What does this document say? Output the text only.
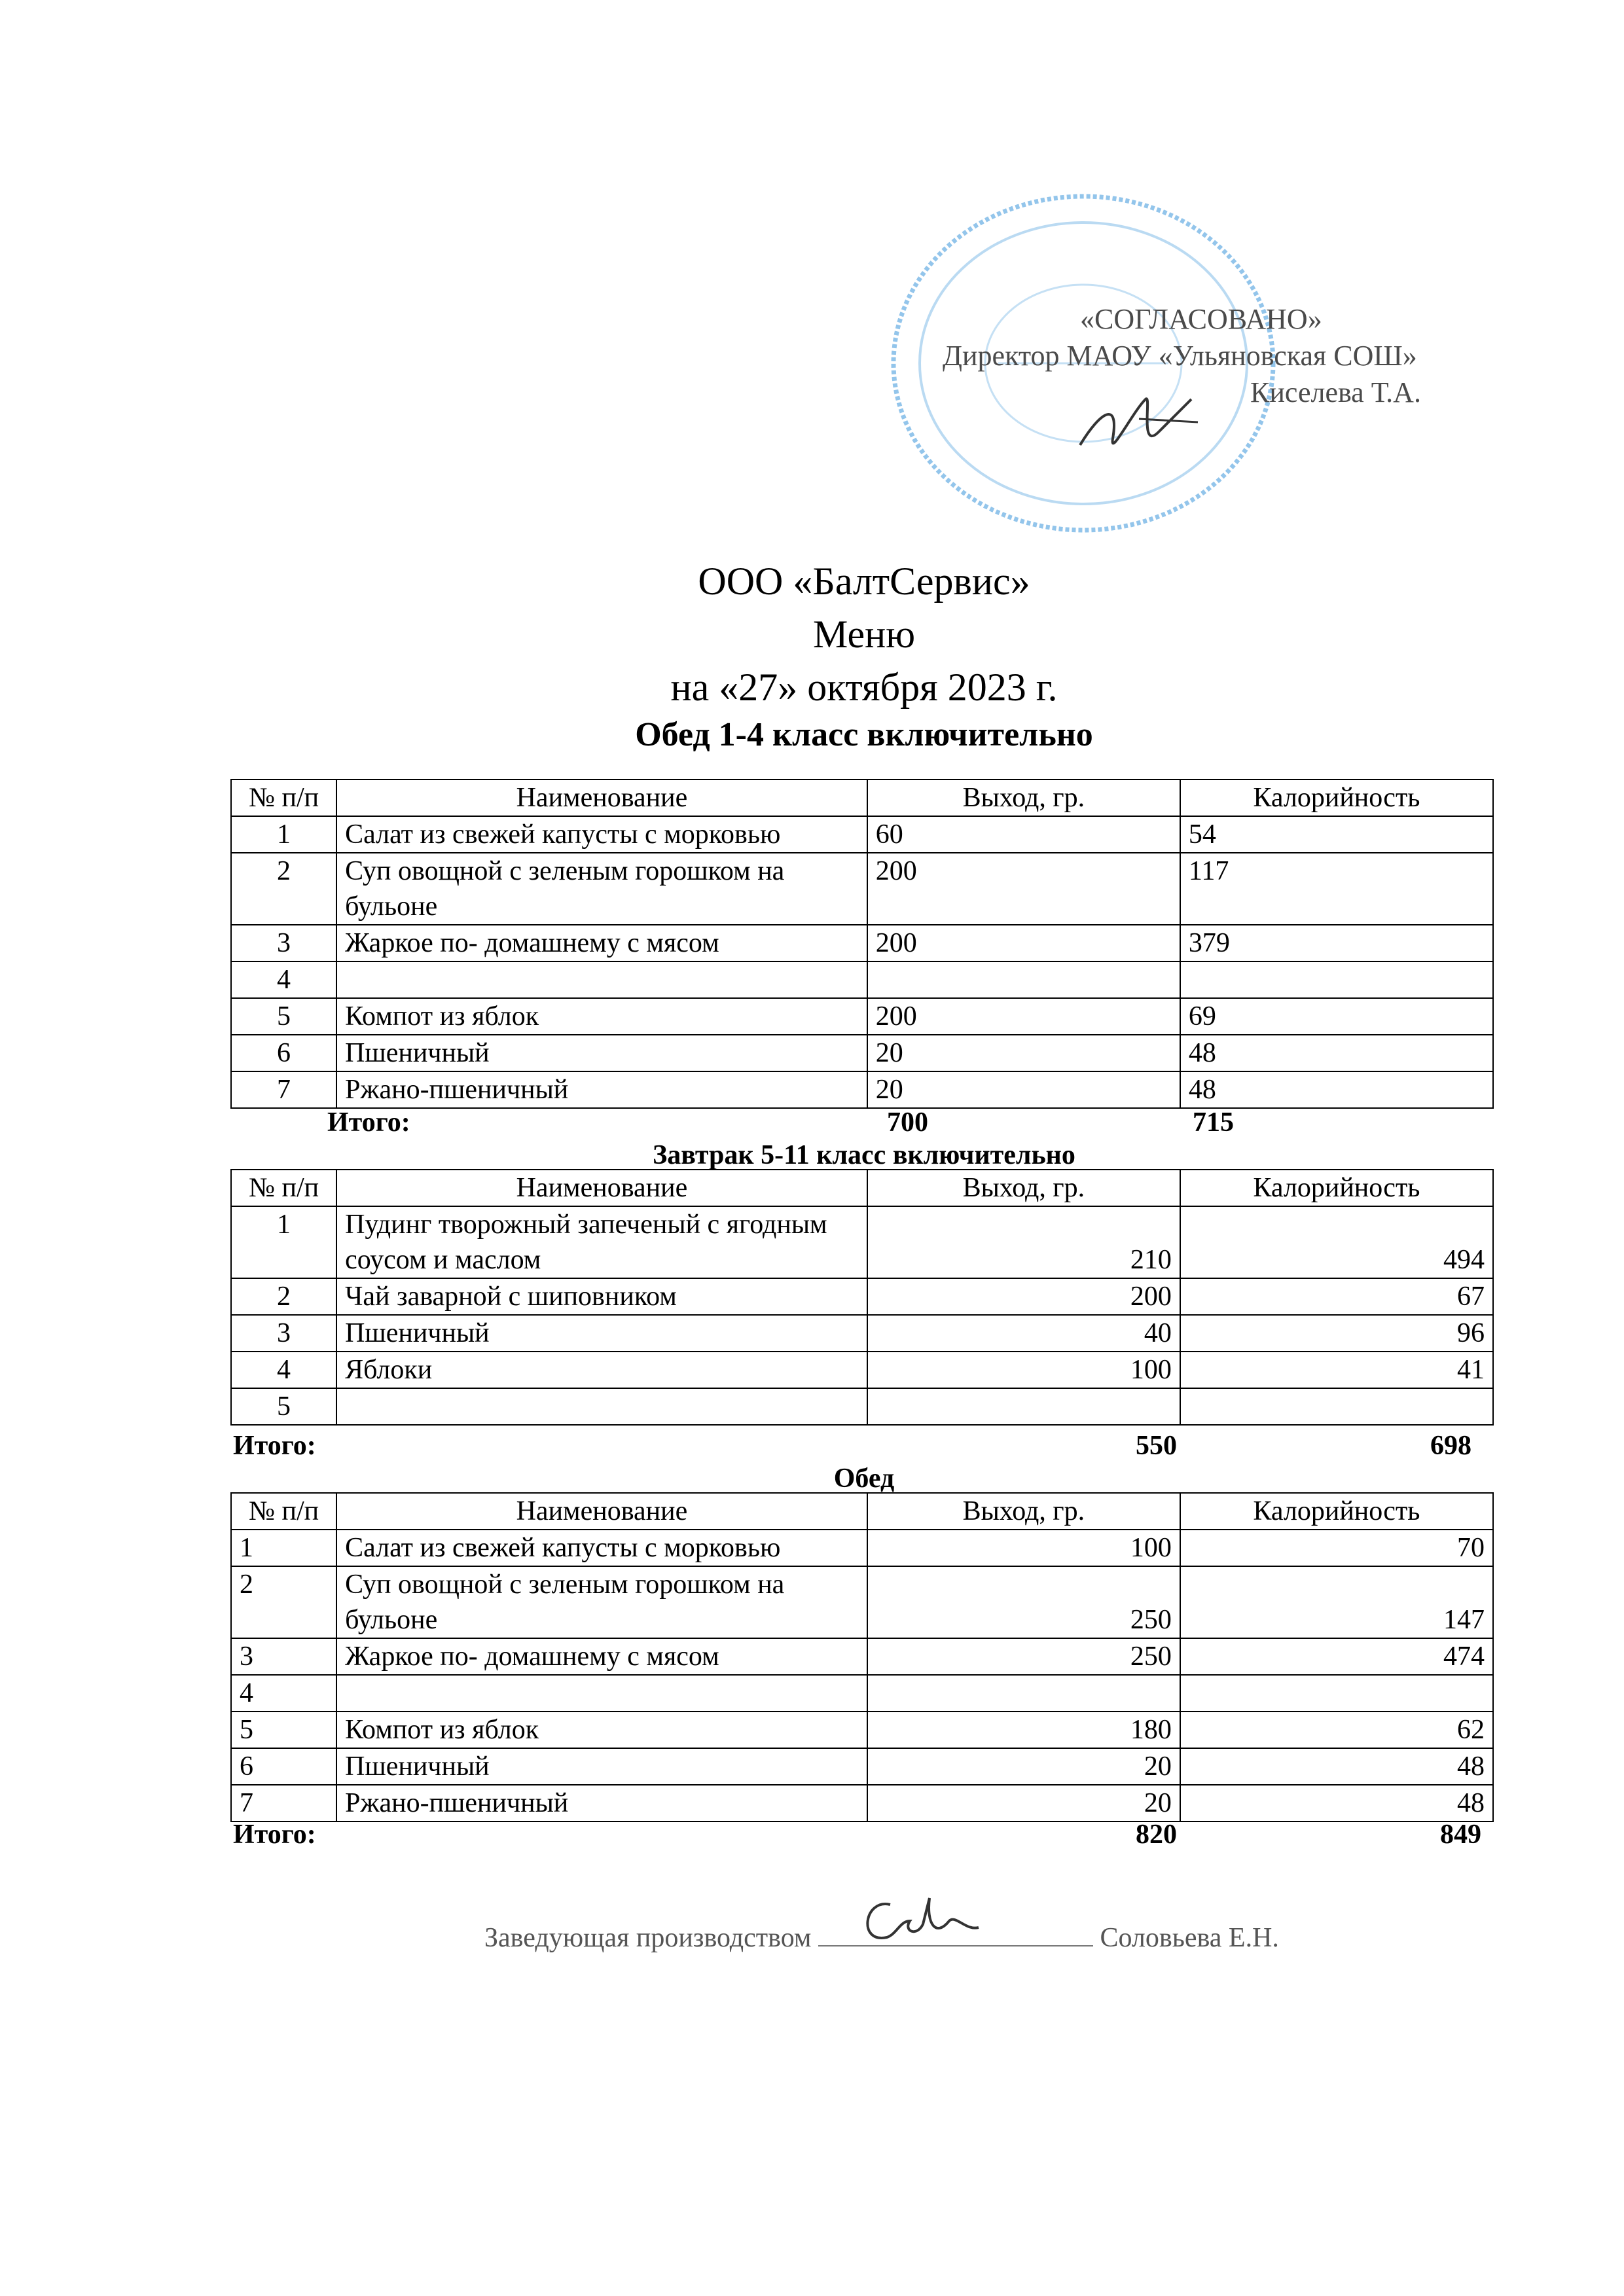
«СОГЛАСОВАНО»
Директор МАОУ «Ульяновская СОШ»
Киселева Т.А.
ООО «БалтСервис»
Меню
на «27» октября 2023 г.
Обед 1-4 класс включительно
№ п/п	Наименование	Выход, гр.	Калорийность
1	Салат из свежей капусты с морковью	60	54
2	Суп овощной с зеленым горошком на бульоне	200	117
3	Жаркое по- домашнему с мясом	200	379
4			
5	Компот из яблок	200	69
6	Пшеничный	20	48
7	Ржано-пшеничный	20	48
Итого:	700	715
Завтрак 5-11 класс включительно
№ п/п	Наименование	Выход, гр.	Калорийность
1	Пудинг творожный запеченый с ягодным соусом и маслом	210	494
2	Чай заварной с шиповником	200	67
3	Пшеничный	40	96
4	Яблоки	100	41
5			
Итого:	550	698
Обед
№ п/п	Наименование	Выход, гр.	Калорийность
1	Салат из свежей капусты с морковью	100	70
2	Суп овощной с зеленым горошком на бульоне	250	147
3	Жаркое по- домашнему с мясом	250	474
4			
5	Компот из яблок	180	62
6	Пшеничный	20	48
7	Ржано-пшеничный	20	48
Итого:	820	849
Заведующая производством	Соловьева Е.Н.
